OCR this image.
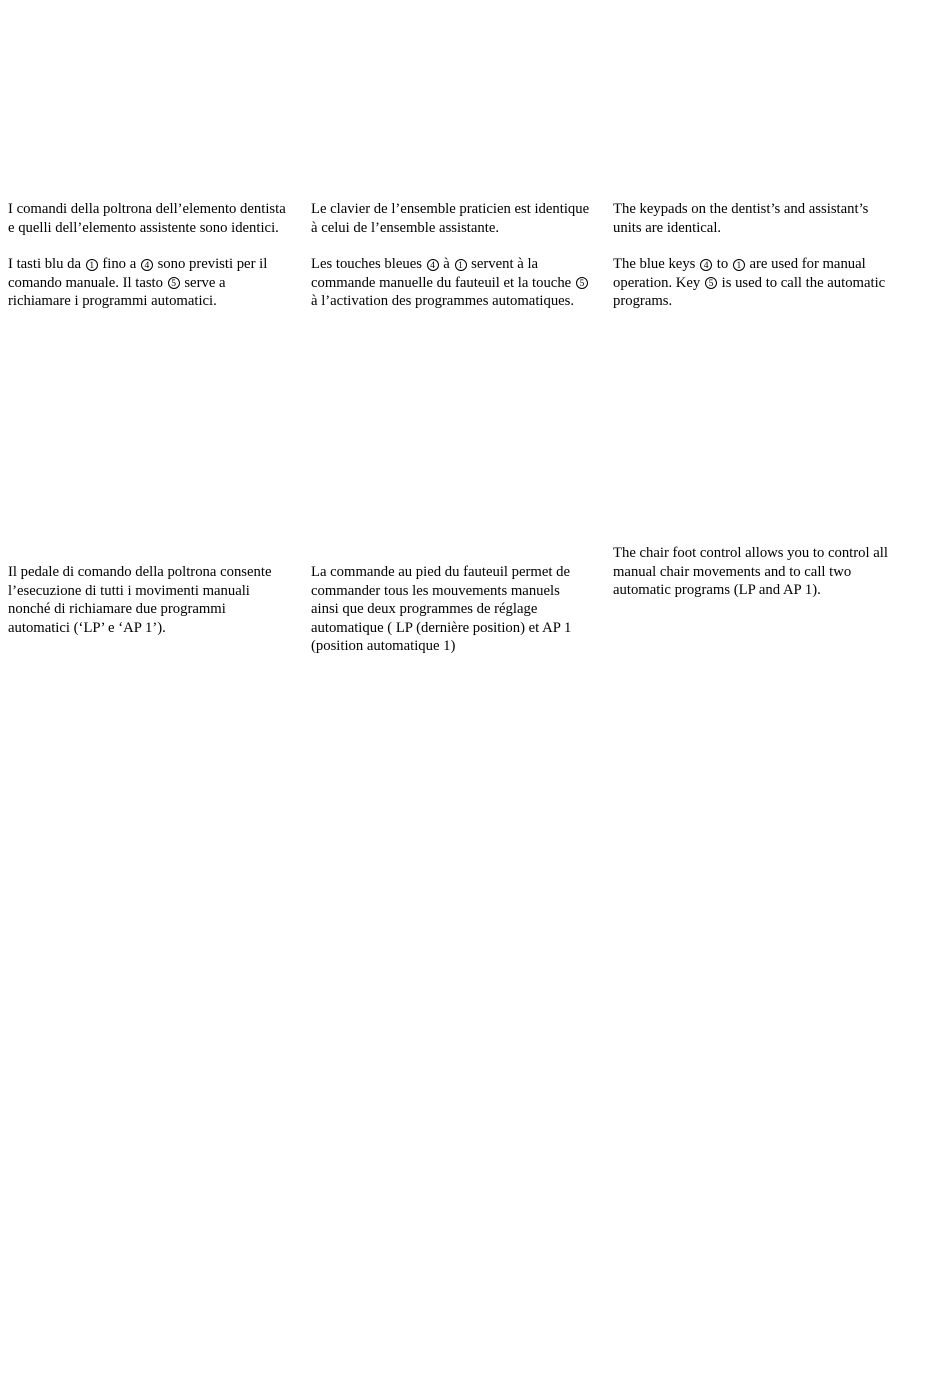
I comandi della poltrona dell’elemento dentista e quelli dell’elemento assistente sono identici.

I tasti blu da 1 fino a 4 sono previsti per il comando manuale. Il tasto 5 serve a richiamare i programmi automatici.

Il pedale di comando della poltrona consente l’esecuzione di tutti i movimenti manuali nonché di richiamare due programmi automatici (‘LP’ e ‘AP 1’).

Le clavier de l’ensemble praticien est identique à celui de l’ensemble assistante.

Les touches bleues 4 à 1 servent à la commande manuelle du fauteuil et la touche 5 à l’activation des programmes automatiques.

La commande au pied du fauteuil permet de commander tous les mouvements manuels ainsi que deux programmes de réglage automatique ( LP (dernière position) et AP 1 (position automatique 1)

The keypads on the dentist’s and assistant’s units are identical.

The blue keys 4 to 1 are used for manual operation. Key 5 is used to call the automatic programs.

The chair foot control allows you to control all manual chair movements and to call two automatic programs (LP and AP 1).
